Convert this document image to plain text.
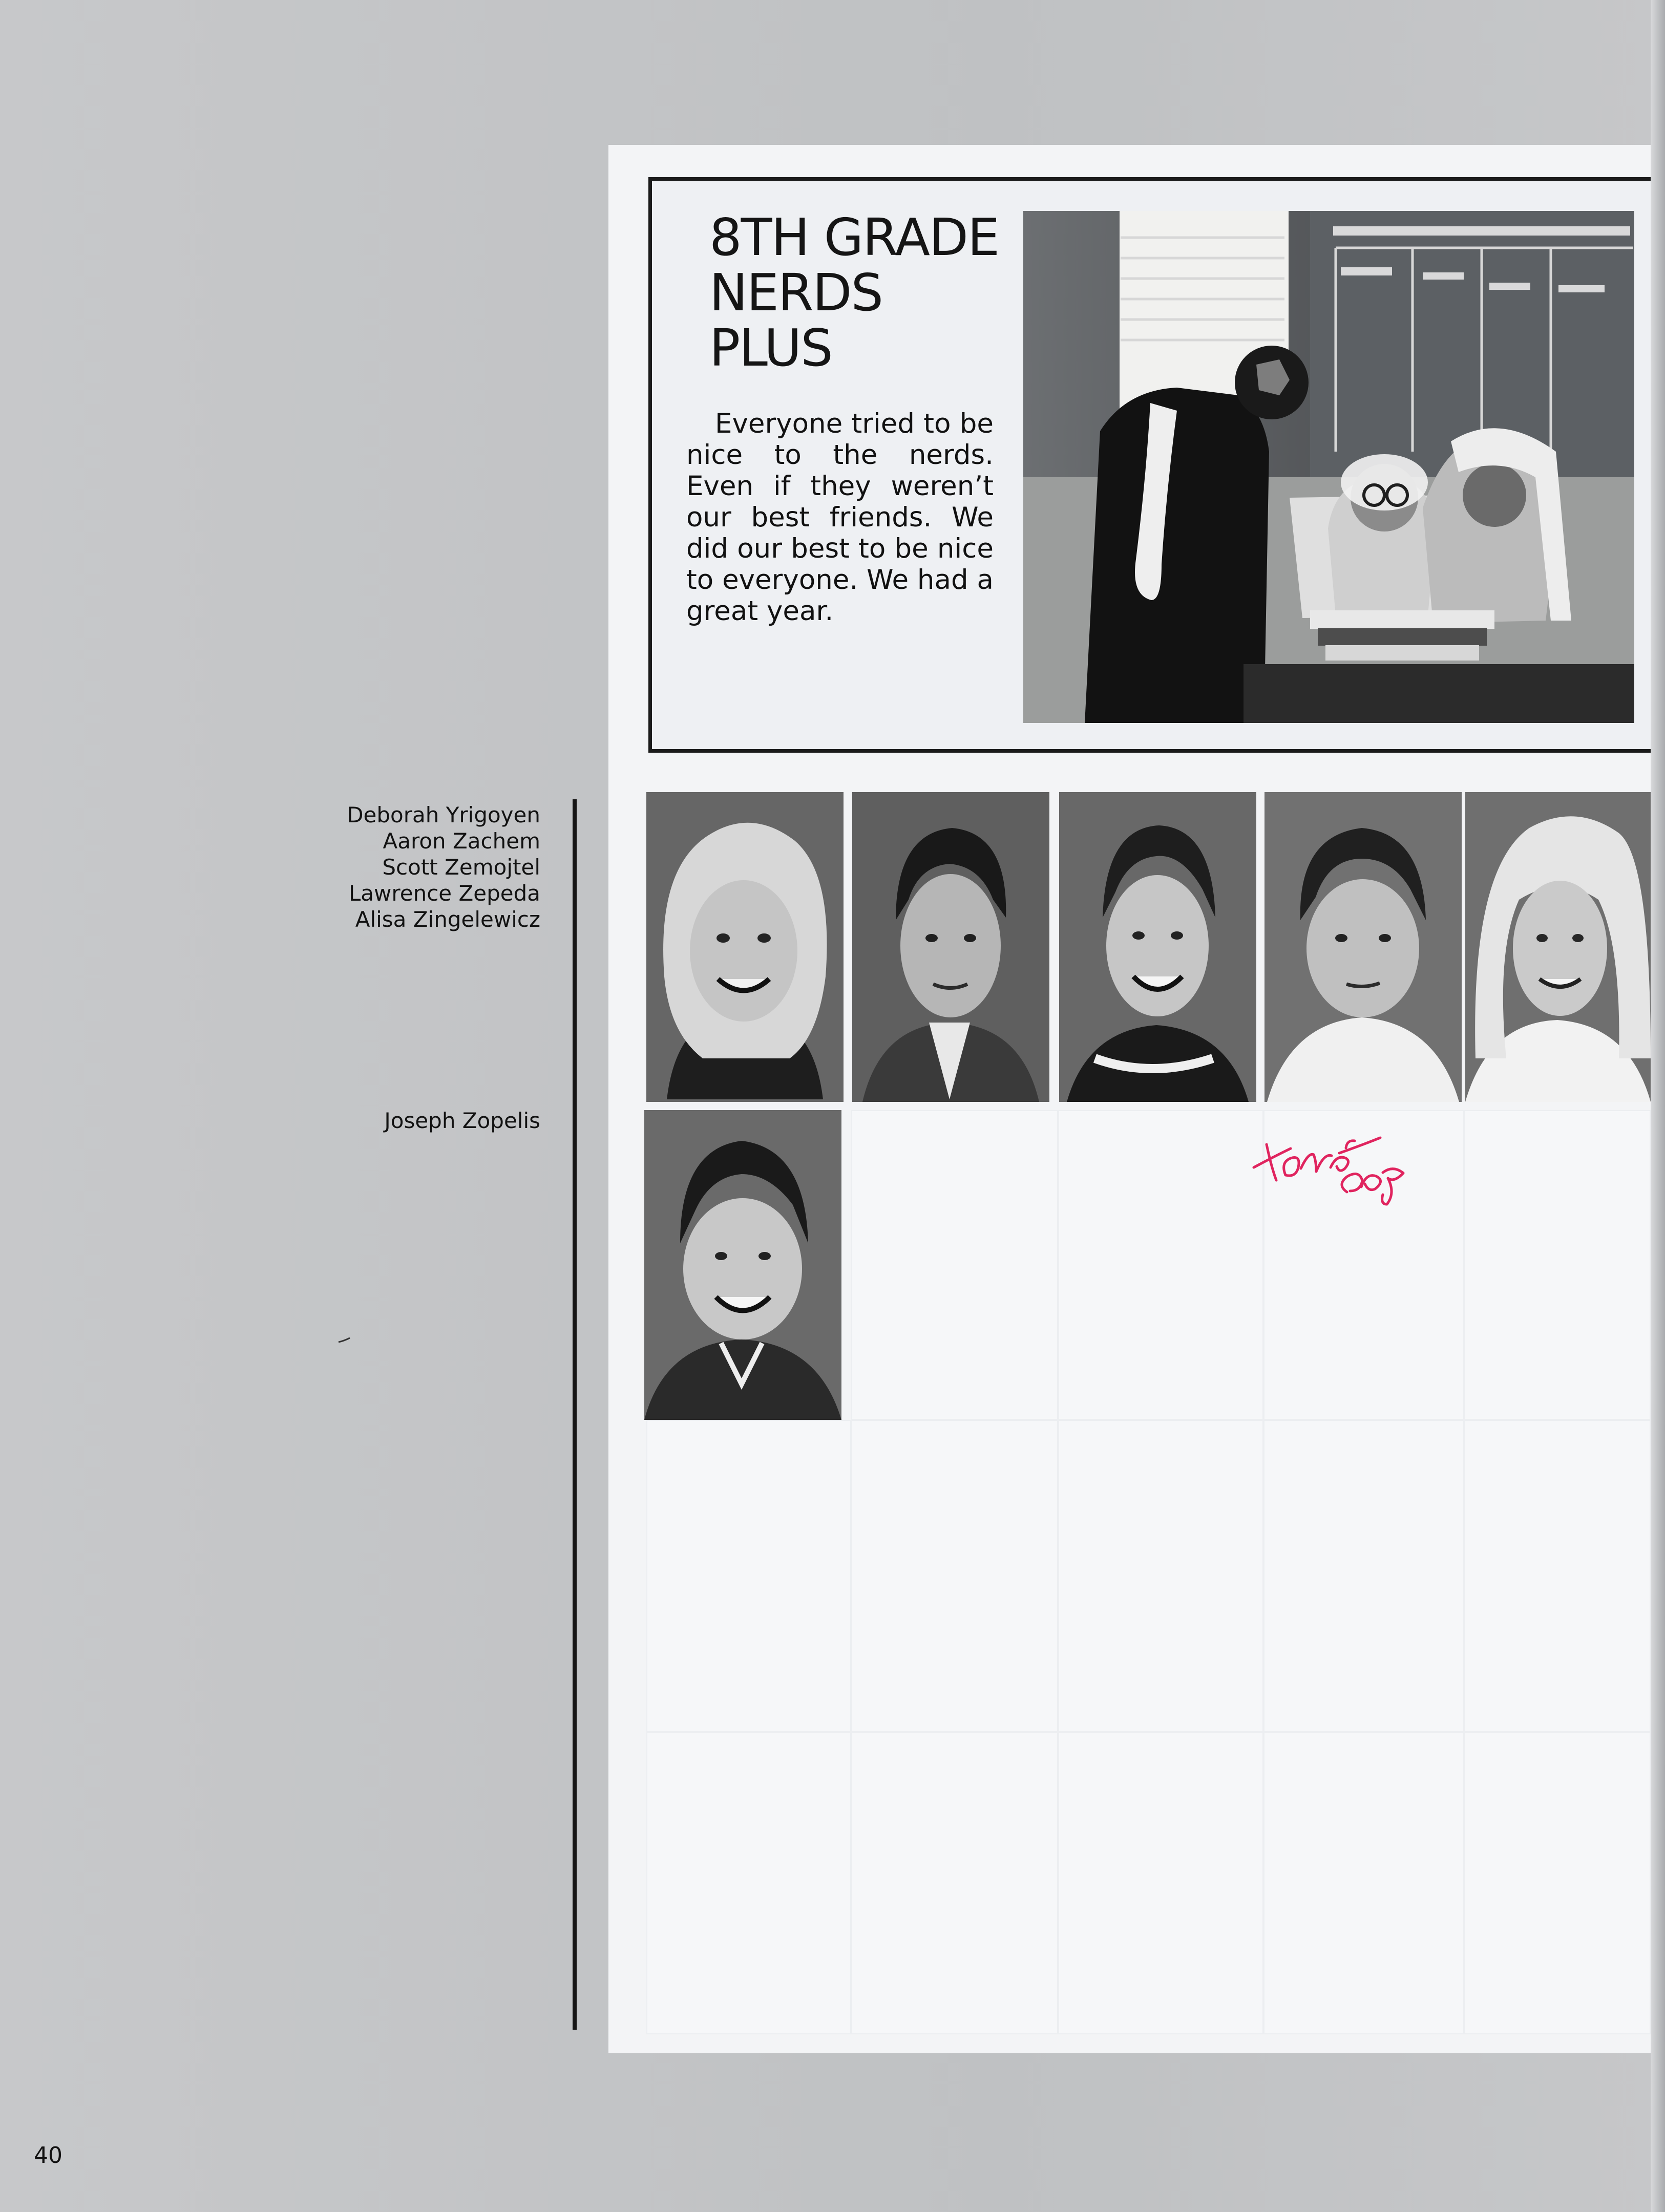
8TH GRADE
NERDS PLUS

Everyone tried to be nice to the nerds. Even if they weren’t our best friends. We did our best to be nice to everyone. We had a great year.

Deborah Yrigoyen
Aaron Zachem
Scott Zemojtel
Lawrence Zepeda
Alisa Zingelewicz
Joseph Zopelis
40
